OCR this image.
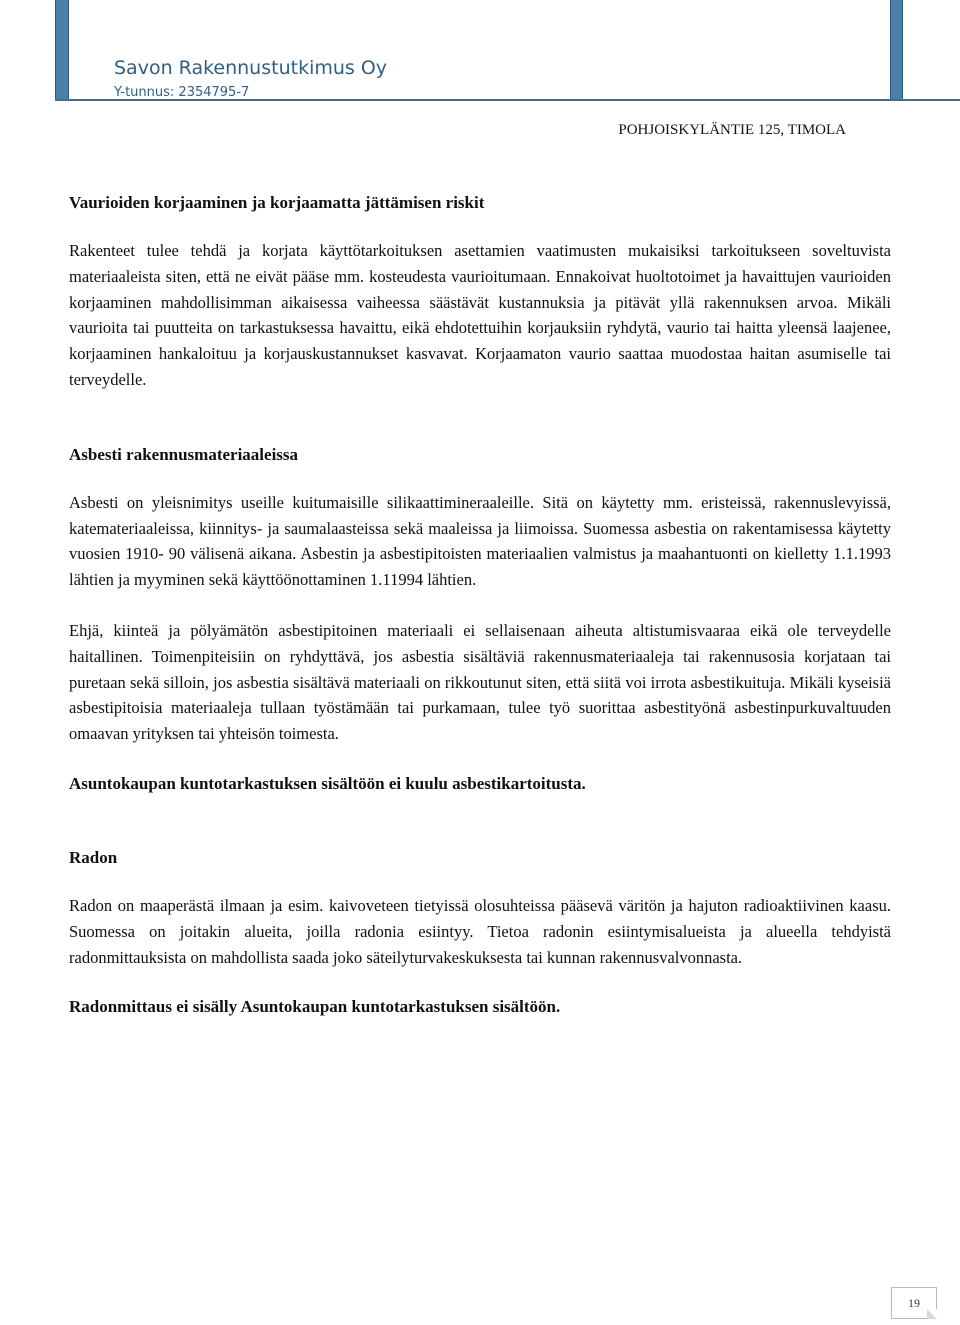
Savon Rakennustutkimus Oy
Y-tunnus: 2354795-7
POHJOISKYLÄNTIE 125, TIMOLA

Vaurioiden korjaaminen ja korjaamatta jättämisen riskit

Rakenteet tulee tehdä ja korjata käyttötarkoituksen asettamien vaatimusten mukaisiksi tarkoitukseen soveltuvista materiaaleista siten, että ne eivät pääse mm. kosteudesta vaurioitumaan. Ennakoivat huoltotoimet ja havaittujen vaurioiden korjaaminen mahdollisimman aikaisessa vaiheessa säästävät kustannuksia ja pitävät yllä rakennuksen arvoa. Mikäli vaurioita tai puutteita on tarkastuksessa havaittu, eikä ehdotettuihin korjauksiin ryhdytä, vaurio tai haitta yleensä laajenee, korjaaminen hankaloituu ja korjauskustannukset kasvavat. Korjaamaton vaurio saattaa muodostaa haitan asumiselle tai terveydelle.

Asbesti rakennusmateriaaleissa

Asbesti on yleisnimitys useille kuitumaisille silikaattimineraaleille. Sitä on käytetty mm. eristeissä, rakennuslevyissä, katemateriaaleissa, kiinnitys- ja saumalaasteissa sekä maaleissa ja liimoissa. Suomessa asbestia on rakentamisessa käytetty vuosien 1910- 90 välisenä aikana. Asbestin ja asbestipitoisten materiaalien valmistus ja maahantuonti on kielletty 1.1.1993 lähtien ja myyminen sekä käyttöönottaminen 1.11994 lähtien.

Ehjä, kiinteä ja pölyämätön asbestipitoinen materiaali ei sellaisenaan aiheuta altistumisvaaraa eikä ole terveydelle haitallinen. Toimenpiteisiin on ryhdyttävä, jos asbestia sisältäviä rakennusmateriaaleja tai rakennusosia korjataan tai puretaan sekä silloin, jos asbestia sisältävä materiaali on rikkoutunut siten, että siitä voi irrota asbestikuituja. Mikäli kyseisiä asbestipitoisia materiaaleja tullaan työstämään tai purkamaan, tulee työ suorittaa asbestityönä asbestinpurkuvaltuuden omaavan yrityksen tai yhteisön toimesta.

Asuntokaupan kuntotarkastuksen sisältöön ei kuulu asbestikartoitusta.

Radon

Radon on maaperästä ilmaan ja esim. kaivoveteen tietyissä olosuhteissa pääsevä väritön ja hajuton radioaktiivinen kaasu. Suomessa on joitakin alueita, joilla radonia esiintyy. Tietoa radonin esiintymisalueista ja alueella tehdyistä radonmittauksista on mahdollista saada joko säteilyturvakeskuksesta tai kunnan rakennusvalvonnasta.

Radonmittaus ei sisälly Asuntokaupan kuntotarkastuksen sisältöön.

19
